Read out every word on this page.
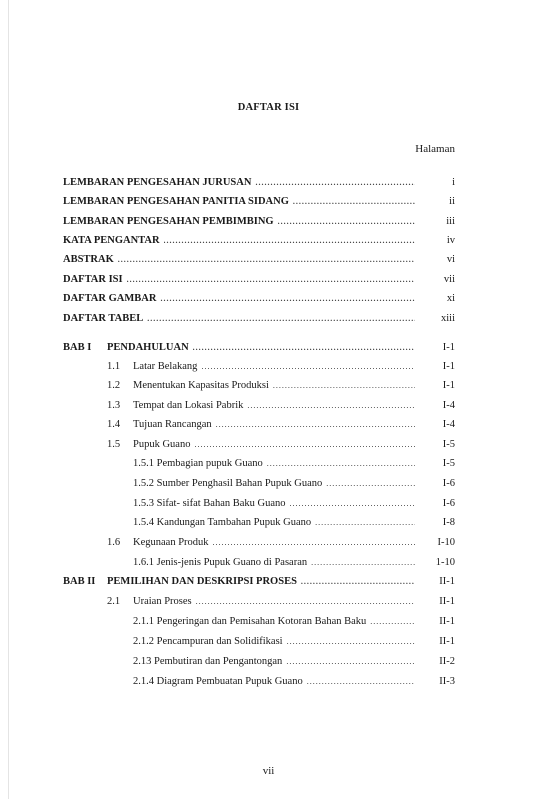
DAFTAR ISI
Halaman
LEMBARAN PENGESAHAN JURUSAN .....	i
LEMBARAN PENGESAHAN PANITIA SIDANG .....	ii
LEMBARAN PENGESAHAN PEMBIMBING .....	iii
KATA PENGANTAR .....	iv
ABSTRAK .....	vi
DAFTAR ISI .....	vii
DAFTAR GAMBAR .....	xi
DAFTAR TABEL .....	xiii
BAB I	PENDAHULUAN .....	I-1
1.1	Latar Belakang .....	I-1
1.2	Menentukan Kapasitas Produksi .....	I-1
1.3	Tempat dan Lokasi Pabrik .....	I-4
1.4	Tujuan Rancangan .....	I-4
1.5	Pupuk Guano .....	I-5
1.5.1 Pembagian pupuk Guano .....	I-5
1.5.2 Sumber Penghasil Bahan Pupuk Guano .....	I-6
1.5.3 Sifat- sifat Bahan Baku Guano .....	I-6
1.5.4 Kandungan Tambahan Pupuk Guano .....	I-8
1.6	Kegunaan Produk .....	I-10
1.6.1 Jenis-jenis Pupuk Guano di Pasaran .....	1-10
BAB II	PEMILIHAN DAN DESKRIPSI PROSES .....	II-1
2.1	Uraian Proses .....	II-1
2.1.1 Pengeringan dan Pemisahan Kotoran Bahan Baku .....	II-1
2.1.2 Pencampuran dan Solidifikasi .....	II-1
2.13 Pembutiran dan Pengantongan .....	II-2
2.1.4 Diagram Pembuatan Pupuk Guano .....	II-3
vii
